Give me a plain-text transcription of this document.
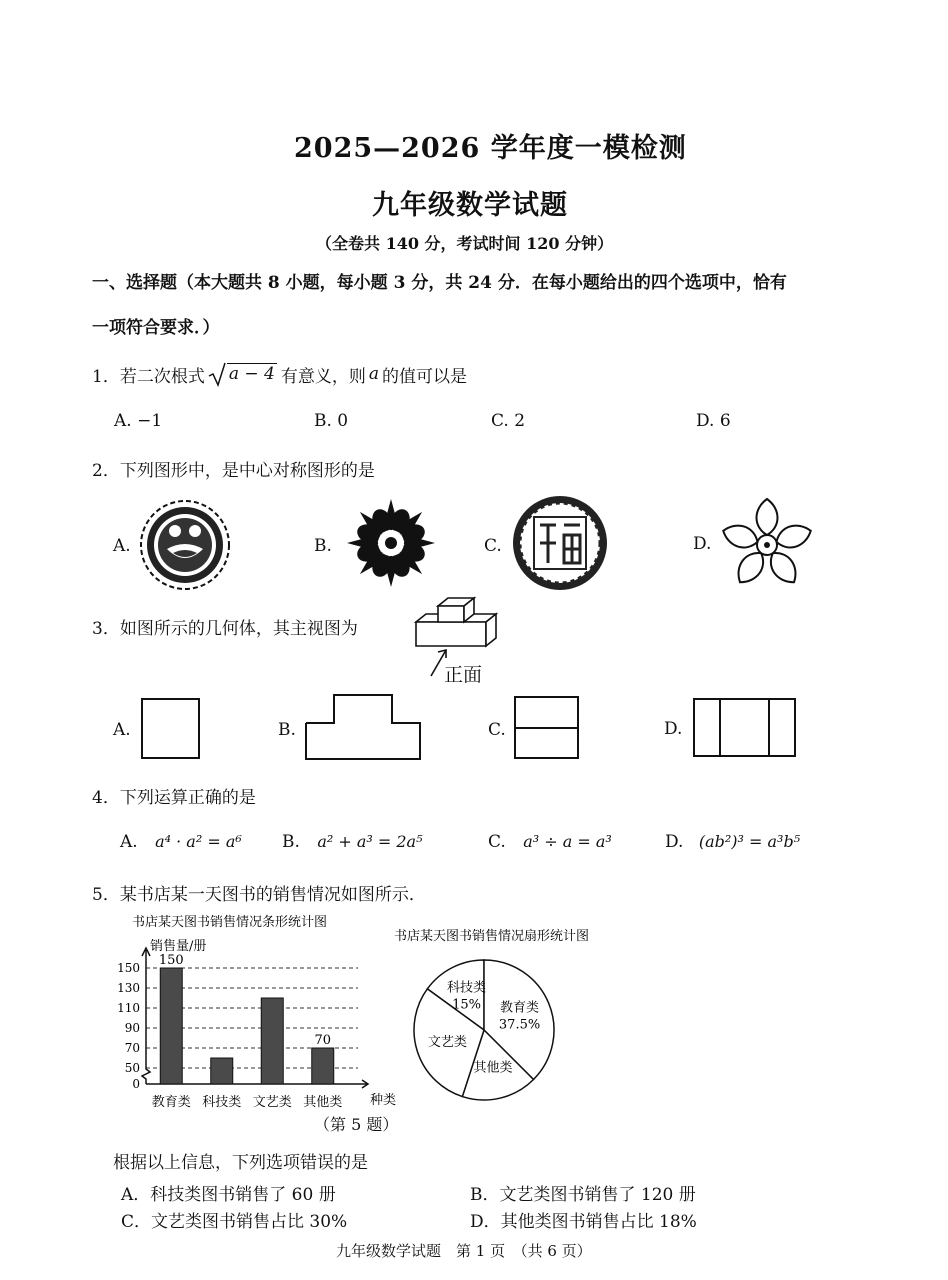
2025—2026 学年度一模检测
九年级数学试题
（全卷共 140 分，考试时间 120 分钟）
一、选择题（本大题共 8 小题，每小题 3 分，共 24 分．在每小题给出的四个选项中，恰有
一项符合要求．）
1．若二次根式 a − 4 有意义，则 a 的值可以是
A. −1	B. 0	C. 2	D. 6
2．下列图形中，是中心对称图形的是
A.	B.	C.	D.
3．如图所示的几何体，其主视图为
正面
A.	B.	C.	D.
4．下列运算正确的是
A. a⁴ · a² = a⁶ B. a² + a³ = 2a⁵	C. a³ ÷ a = a³	D. (ab²)³ = a³b⁵
5．某书店某一天图书的销售情况如图所示．
书店某天图书销售情况条形统计图
销售量/册
种类
0
50
70
90
110
130
150
教育类 科技类 文艺类 其他类
150
70
书店某天图书销售情况扇形统计图
科技类
15% 教育类
37.5%
其他类
文艺类
（第 5 题）
根据以上信息，下列选项错误的是
A．科技类图书销售了 60 册	B．文艺类图书销售了 120 册
C．文艺类图书销售占比 30%	D．其他类图书销售占比 18%
九年级数学试题　第 1 页　（共 6 页）
